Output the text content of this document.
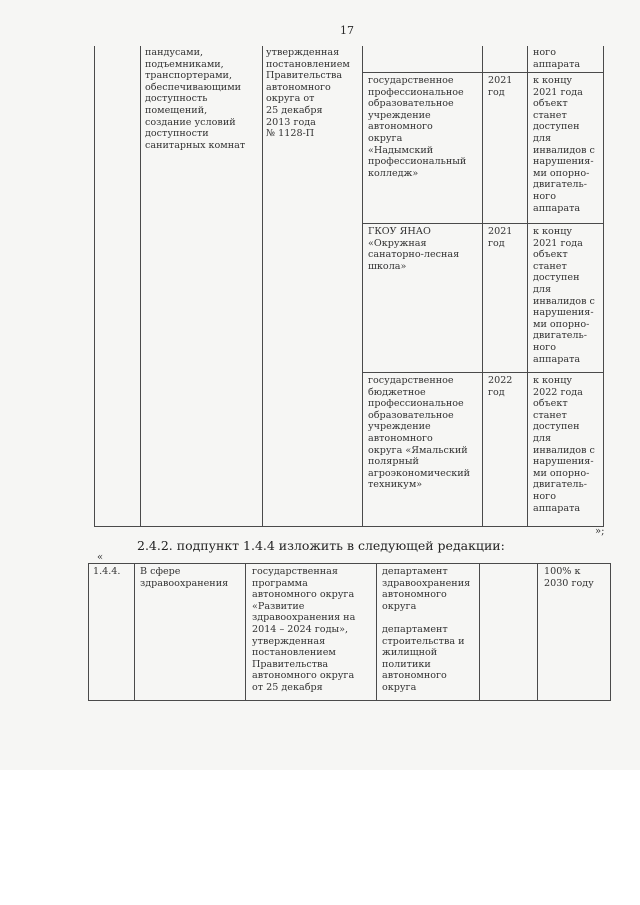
17
пандусами,
подъемниками,
транспортерами,
обеспечивающими
доступность
помещений,
создание условий
доступности
санитарных комнат
утвержденная
постановлением
Правительства
автономного
округа от
25 декабря
2013 года
№ 1128-П
ного
аппарата
государственное
профессиональное
образовательное
учреждение
автономного
округа
«Надымский
профессиональный
колледж»
2021
год
к концу
2021 года
объект
станет
доступен
для
инвалидов с
нарушения-
ми опорно-
двигатель-
ного
аппарата
ГКОУ ЯНАО
«Окружная
санаторно-лесная
школа»
2021
год
к концу
2021 года
объект
станет
доступен
для
инвалидов с
нарушения-
ми опорно-
двигатель-
ного
аппарата
государственное
бюджетное
профессиональное
образовательное
учреждение
автономного
округа «Ямальский
полярный
агроэкономический
техникум»
2022
год
к концу
2022 года
объект
станет
доступен
для
инвалидов с
нарушения-
ми опорно-
двигатель-
ного
аппарата
»;
2.4.2. подпункт 1.4.4 изложить в следующей редакции:
«
1.4.4.	В сфере
здравоохранения
государственная
программа
автономного округа
«Развитие
здравоохранения на
2014 – 2024 годы»,
утвержденная
постановлением
Правительства
автономного округа
от 25 декабря
департамент
здравоохранения
автономного
округа

департамент
строительства и
жилищной
политики
автономного
округа
100% к
2030 году
